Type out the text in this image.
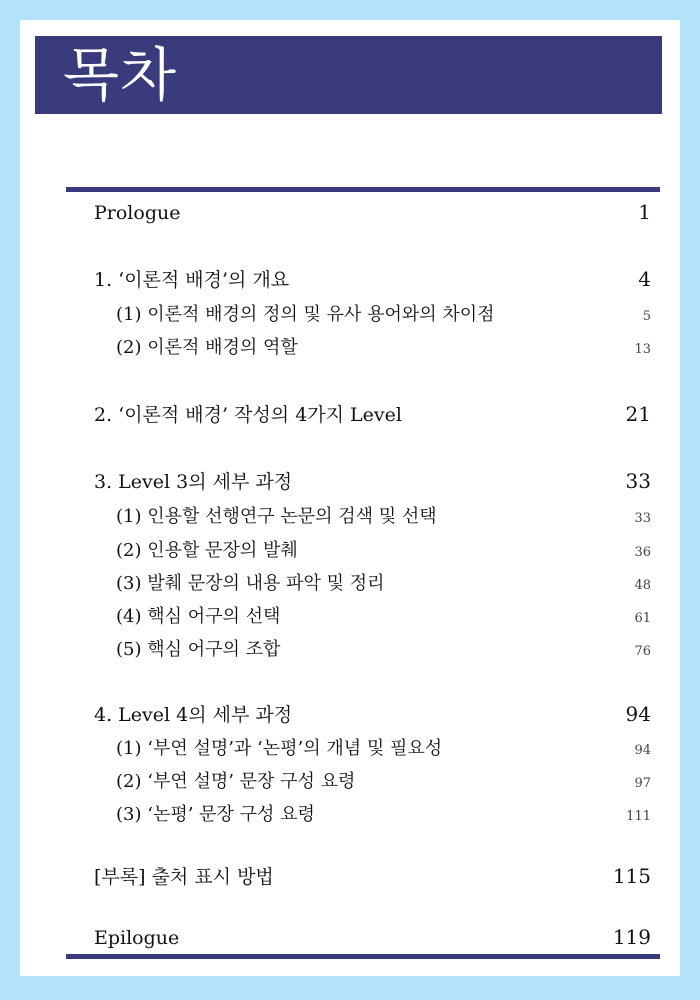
목차
Prologue	1
1. ‘이론적 배경’의 개요	4
(1) 이론적 배경의 정의 및 유사 용어와의 차이점	5
(2) 이론적 배경의 역할	13
2. ‘이론적 배경’ 작성의 4가지 Level	21
3. Level 3의 세부 과정	33
(1) 인용할 선행연구 논문의 검색 및 선택	33
(2) 인용할 문장의 발췌	36
(3) 발췌 문장의 내용 파악 및 정리	48
(4) 핵심 어구의 선택	61
(5) 핵심 어구의 조합	76
4. Level 4의 세부 과정	94
(1) ‘부연 설명’과 ‘논평’의 개념 및 필요성	94
(2) ‘부연 설명’ 문장 구성 요령	97
(3) ‘논평’ 문장 구성 요령	111
[부록] 출처 표시 방법	115
Epilogue	119
